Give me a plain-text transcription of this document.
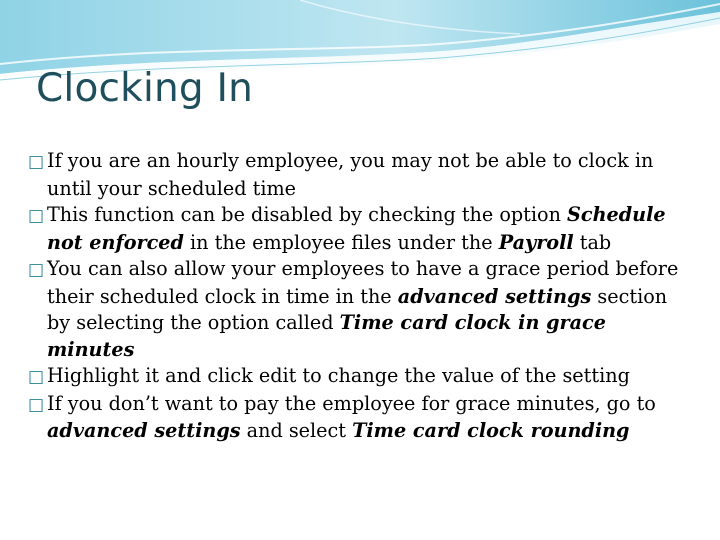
Clocking In
□ If you are an hourly employee, you may not be able to clock in until your scheduled time
□ This function can be disabled by checking the option Schedule not enforced in the employee files under the Payroll tab
□ You can also allow your employees to have a grace period before their scheduled clock in time in the advanced settings section by selecting the option called Time card clock in grace minutes
□ Highlight it and click edit to change the value of the setting
□ If you don’t want to pay the employee for grace minutes, go to advanced settings and select Time card clock rounding
